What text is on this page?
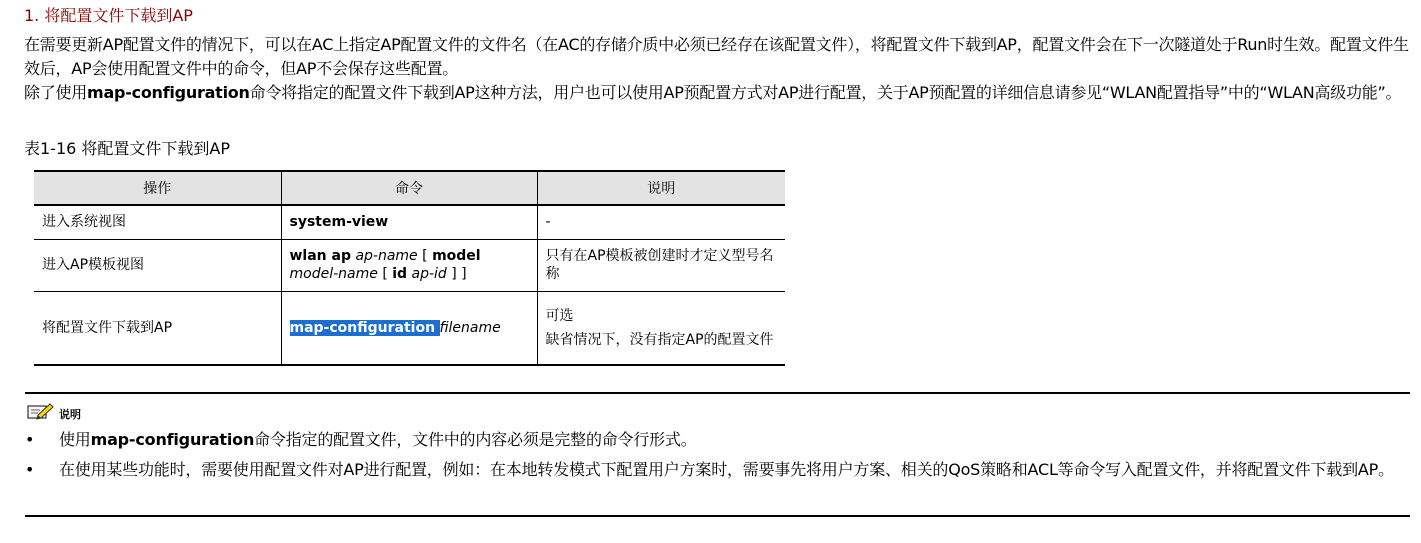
1. 将配置文件下载到AP
在需要更新AP配置文件的情况下，可以在AC上指定AP配置文件的文件名（在AC的存储介质中必须已经存在该配置文件），将配置文件下载到AP，配置文件会在下一次隧道处于Run时生效。配置文件生效后，AP会使用配置文件中的命令，但AP不会保存这些配置。
除了使用map-configuration命令将指定的配置文件下载到AP这种方法，用户也可以使用AP预配置方式对AP进行配置，关于AP预配置的详细信息请参见“WLAN配置指导”中的“WLAN高级功能”。
表1-16 将配置文件下载到AP
操作	命令	说明
进入系统视图	system-view	-
进入AP模板视图	wlan ap ap-name [ model model-name [ id ap-id ] ]	只有在AP模板被创建时才定义型号名称
将配置文件下载到AP	map-configuration filename	可选
缺省情况下，没有指定AP的配置文件
说明
• 使用map-configuration命令指定的配置文件，文件中的内容必须是完整的命令行形式。
• 在使用某些功能时，需要使用配置文件对AP进行配置，例如：在本地转发模式下配置用户方案时，需要事先将用户方案、相关的QoS策略和ACL等命令写入配置文件，并将配置文件下载到AP。
